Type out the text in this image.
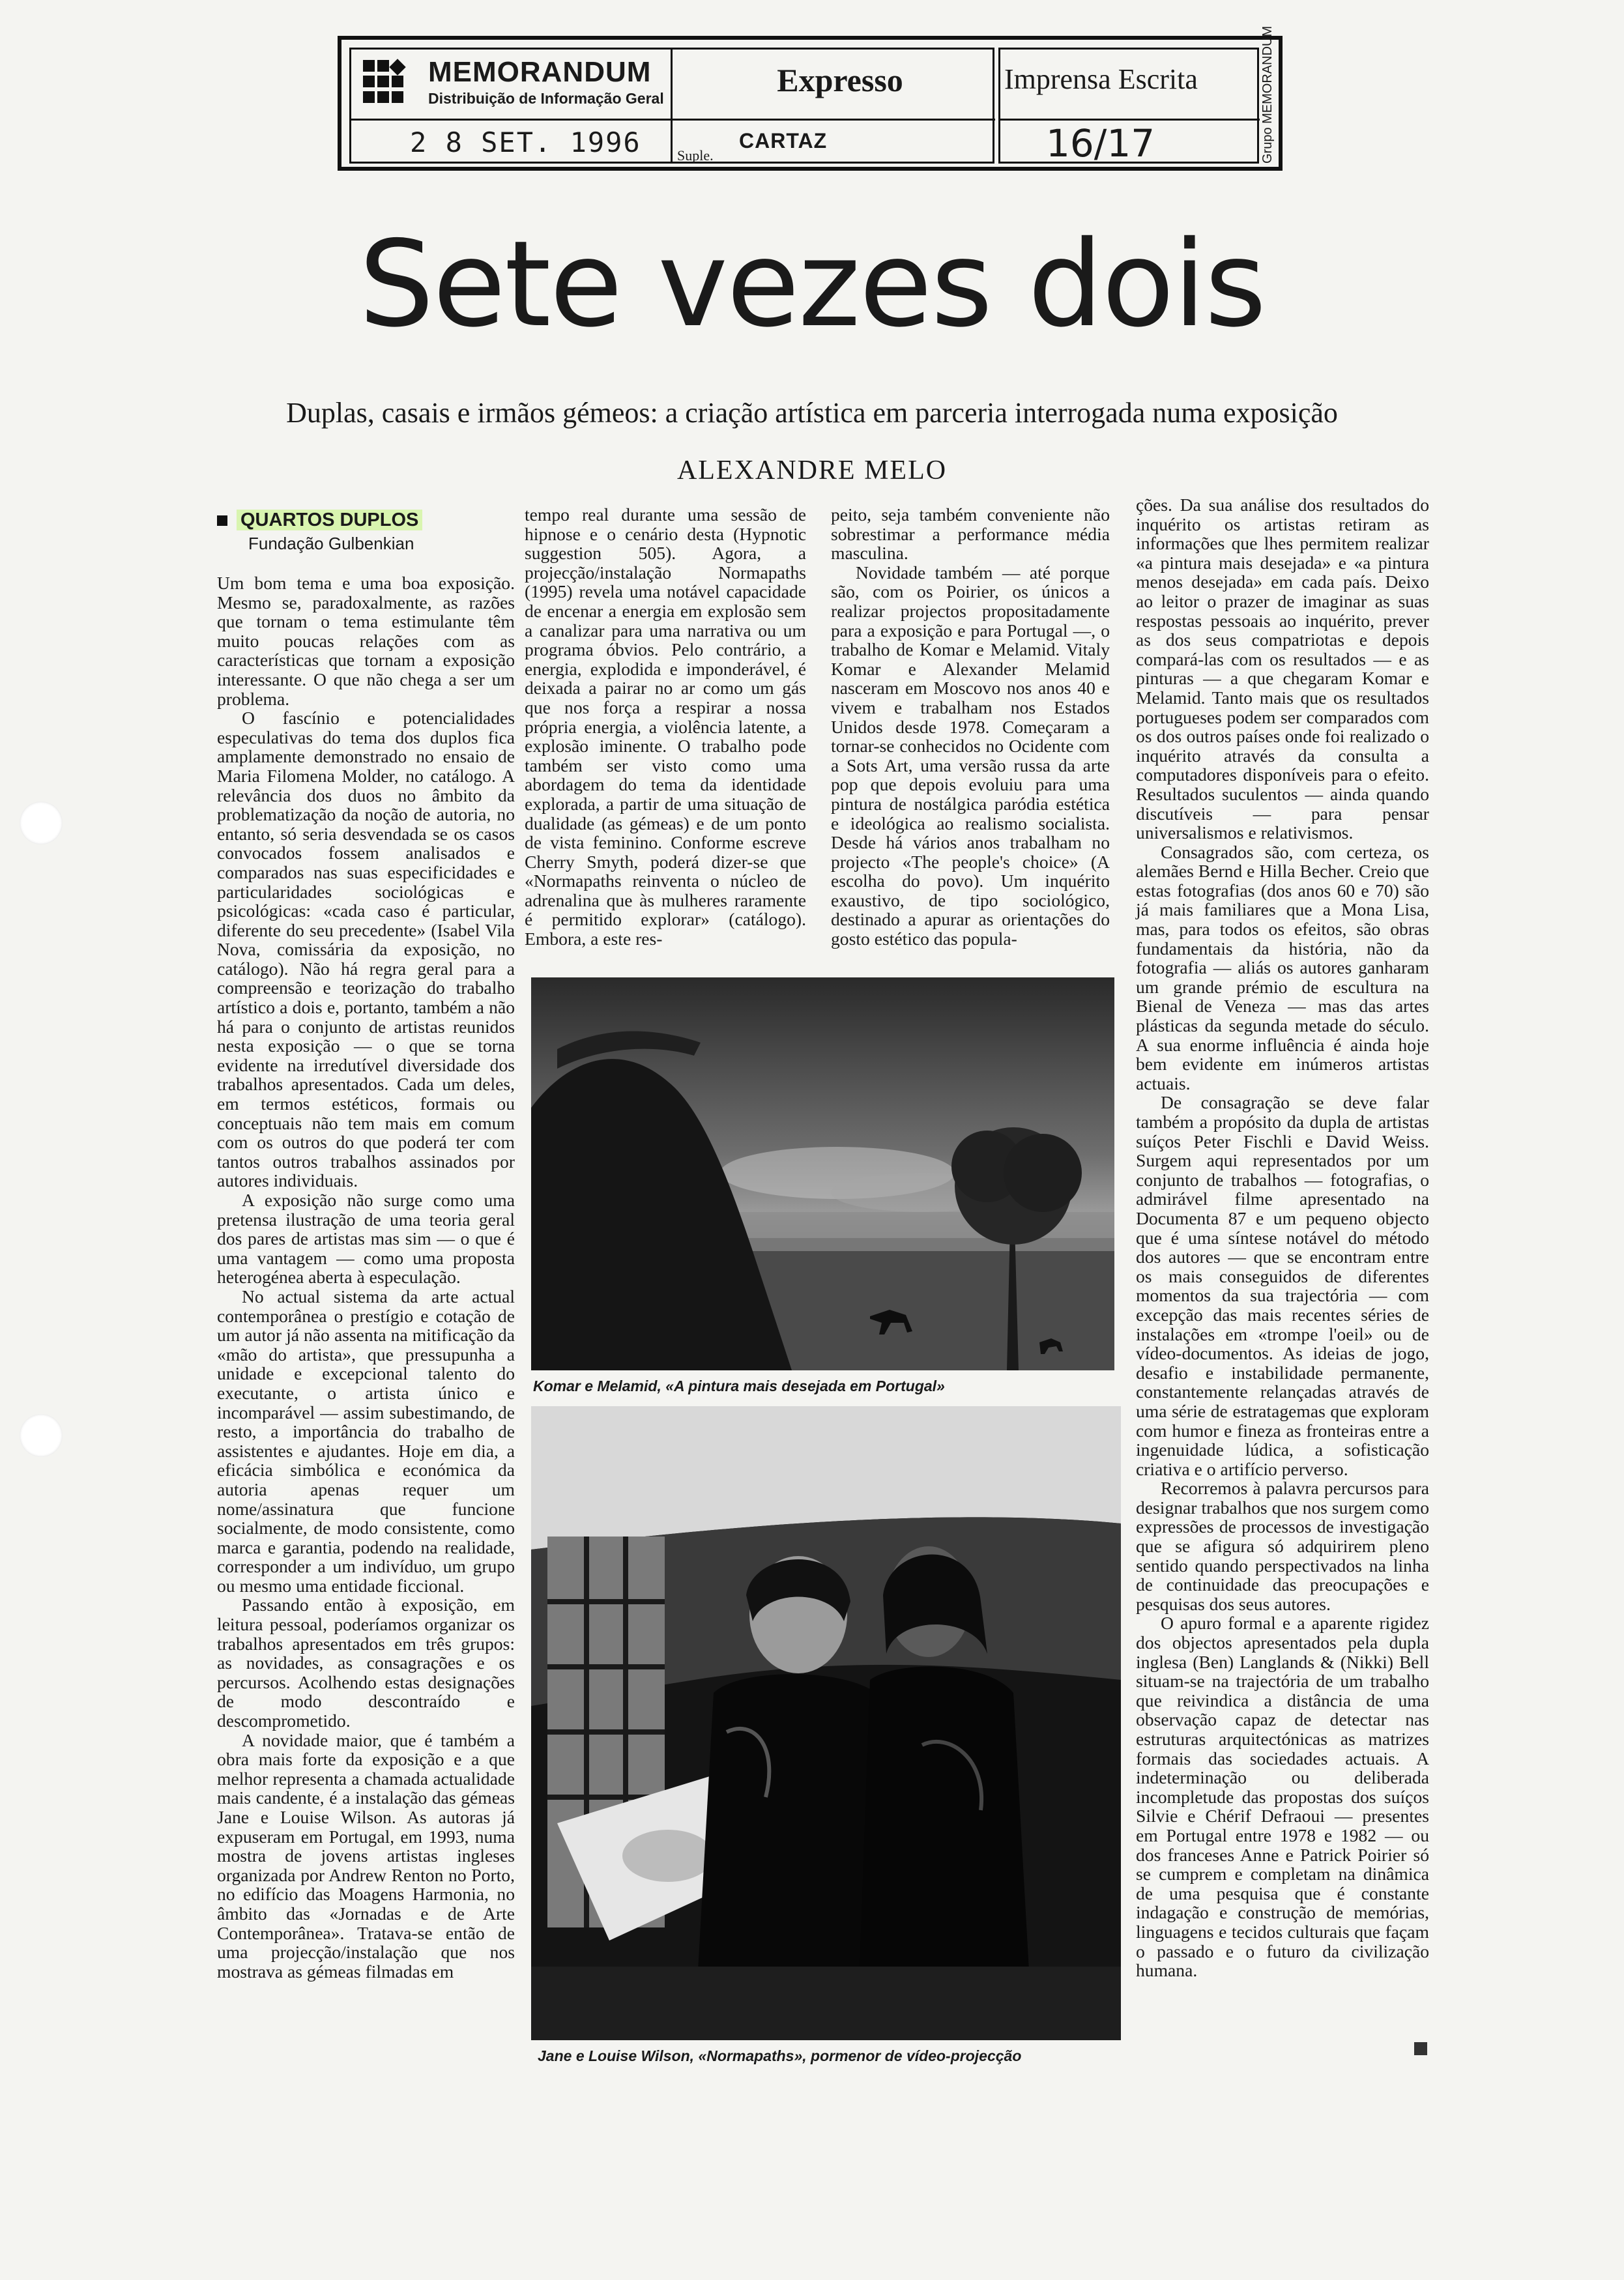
MEMORANDUM
Distribuição de Informação Geral
2 8 SET. 1996
Expresso
Suple.
CARTAZ
Imprensa Escrita
16/17	Grupo MEMORANDUM
Sete vezes dois
Duplas, casais e irmãos gémeos: a criação artística em parceria interrogada numa exposição
ALEXANDRE MELO
QUARTOS DUPLOS
Fundação Gulbenkian

Um bom tema e uma boa exposição. Mesmo se, paradoxalmente, as razões que tornam o tema estimulante têm muito poucas relações com as características que tornam a exposição interessante. O que não chega a ser um problema.

O fascínio e potencialidades especulativas do tema dos duplos fica amplamente demonstrado no ensaio de Maria Filomena Molder, no catálogo. A relevância dos duos no âmbito da problematização da noção de autoria, no entanto, só seria desvendada se os casos convocados fossem analisados e comparados nas suas especificidades e particularidades sociológicas e psicológicas: «cada caso é particular, diferente do seu precedente» (Isabel Vila Nova, comissária da exposição, no catálogo). Não há regra geral para a compreensão e teorização do trabalho artístico a dois e, portanto, também a não há para o conjunto de artistas reunidos nesta exposição — o que se torna evidente na irredutível diversidade dos trabalhos apresentados. Cada um deles, em termos estéticos, formais ou conceptuais não tem mais em comum com os outros do que poderá ter com tantos outros trabalhos assinados por autores individuais.

A exposição não surge como uma pretensa ilustração de uma teoria geral dos pares de artistas mas sim — o que é uma vantagem — como uma proposta heterogénea aberta à especulação.

No actual sistema da arte actual contemporânea o prestígio e cotação de um autor já não assenta na mitificação da «mão do artista», que pressupunha a unidade e excepcional talento do executante, o artista único e incomparável — assim subestimando, de resto, a importância do trabalho de assistentes e ajudantes. Hoje em dia, a eficácia simbólica e económica da autoria apenas requer um nome/assinatura que funcione socialmente, de modo consistente, como marca e garantia, podendo na realidade, corresponder a um indivíduo, um grupo ou mesmo uma entidade ficcional.

Passando então à exposição, em leitura pessoal, poderíamos organizar os trabalhos apresentados em três grupos: as novidades, as consagrações e os percursos. Acolhendo estas designações de modo descontraído e descomprometido.

A novidade maior, que é também a obra mais forte da exposição e a que melhor representa a chamada actualidade mais candente, é a instalação das gémeas Jane e Louise Wilson. As autoras já expuseram em Portugal, em 1993, numa mostra de jovens artistas ingleses organizada por Andrew Renton no Porto, no edifício das Moagens Harmonia, no âmbito das «Jornadas e de Arte Contemporânea». Tratava-se então de uma projecção/instalação que nos mostrava as gémeas filmadas em

tempo real durante uma sessão de hipnose e o cenário desta (Hypnotic suggestion 505). Agora, a projecção/instalação Normapaths (1995) revela uma notável capacidade de encenar a energia em explosão sem a canalizar para uma narrativa ou um programa óbvios. Pelo contrário, a energia, explodida e imponderável, é deixada a pairar no ar como um gás que nos força a respirar a nossa própria energia, a violência latente, a explosão iminente. O trabalho pode também ser visto como uma abordagem do tema da identidade explorada, a partir de uma situação de dualidade (as gémeas) e de um ponto de vista feminino. Conforme escreve Cherry Smyth, poderá dizer-se que «Normapaths reinventa o núcleo de adrenalina que às mulheres raramente é permitido explorar» (catálogo). Embora, a este res-

peito, seja também conveniente não sobrestimar a performance média masculina.

Novidade também — até porque são, com os Poirier, os únicos a realizar projectos propositadamente para a exposição e para Portugal —, o trabalho de Komar e Melamid. Vitaly Komar e Alexander Melamid nasceram em Moscovo nos anos 40 e vivem e trabalham nos Estados Unidos desde 1978. Começaram a tornar-se conhecidos no Ocidente com a Sots Art, uma versão russa da arte pop que depois evoluiu para uma pintura de nostálgica paródia estética e ideológica ao realismo socialista. Desde há vários anos trabalham no projecto «The people's choice» (A escolha do povo). Um inquérito exaustivo, de tipo sociológico, destinado a apurar as orientações do gosto estético das popula-

ções. Da sua análise dos resultados do inquérito os artistas retiram as informações que lhes permitem realizar «a pintura mais desejada» e «a pintura menos desejada» em cada país. Deixo ao leitor o prazer de imaginar as suas respostas pessoais ao inquérito, prever as dos seus compatriotas e depois compará-las com os resultados — e as pinturas — a que chegaram Komar e Melamid. Tanto mais que os resultados portugueses podem ser comparados com os dos outros países onde foi realizado o inquérito através da consulta a computadores disponíveis para o efeito. Resultados suculentos — ainda quando discutíveis — para pensar universalismos e relativismos.

Consagrados são, com certeza, os alemães Bernd e Hilla Becher. Creio que estas fotografias (dos anos 60 e 70) são já mais familiares que a Mona Lisa, mas, para todos os efeitos, são obras fundamentais da história, não da fotografia — aliás os autores ganharam um grande prémio de escultura na Bienal de Veneza — mas das artes plásticas da segunda metade do século. A sua enorme influência é ainda hoje bem evidente em inúmeros artistas actuais.

De consagração se deve falar também a propósito da dupla de artistas suíços Peter Fischli e David Weiss. Surgem aqui representados por um conjunto de trabalhos — fotografias, o admirável filme apresentado na Documenta 87 e um pequeno objecto que é uma síntese notável do método dos autores — que se encontram entre os mais conseguidos de diferentes momentos da sua trajectória — com excepção das mais recentes séries de instalações em «trompe l'oeil» ou de vídeo-documentos. As ideias de jogo, desafio e instabilidade permanente, constantemente relançadas através de uma série de estratagemas que exploram com humor e fineza as fronteiras entre a ingenuidade lúdica, a sofisticação criativa e o artifício perverso.

Recorremos à palavra percursos para designar trabalhos que nos surgem como expressões de processos de investigação que se afigura só adquirirem pleno sentido quando perspectivados na linha de continuidade das preocupações e pesquisas dos seus autores.

O apuro formal e a aparente rigidez dos objectos apresentados pela dupla inglesa (Ben) Langlands & (Nikki) Bell situam-se na trajectória de um trabalho que reivindica a distância de uma observação capaz de detectar nas estruturas arquitectónicas as matrizes formais das sociedades actuais. A indeterminação ou deliberada incompletude das propostas dos suíços Silvie e Chérif Defraoui — presentes em Portugal entre 1978 e 1982 — ou dos franceses Anne e Patrick Poirier só se cumprem e completam na dinâmica de uma pesquisa que é constante indagação e construção de memórias, linguagens e tecidos culturais que façam o passado e o futuro da civilização humana.

Komar e Melamid, «A pintura mais desejada em Portugal»
Jane e Louise Wilson, «Normapaths», pormenor de vídeo-projecção
